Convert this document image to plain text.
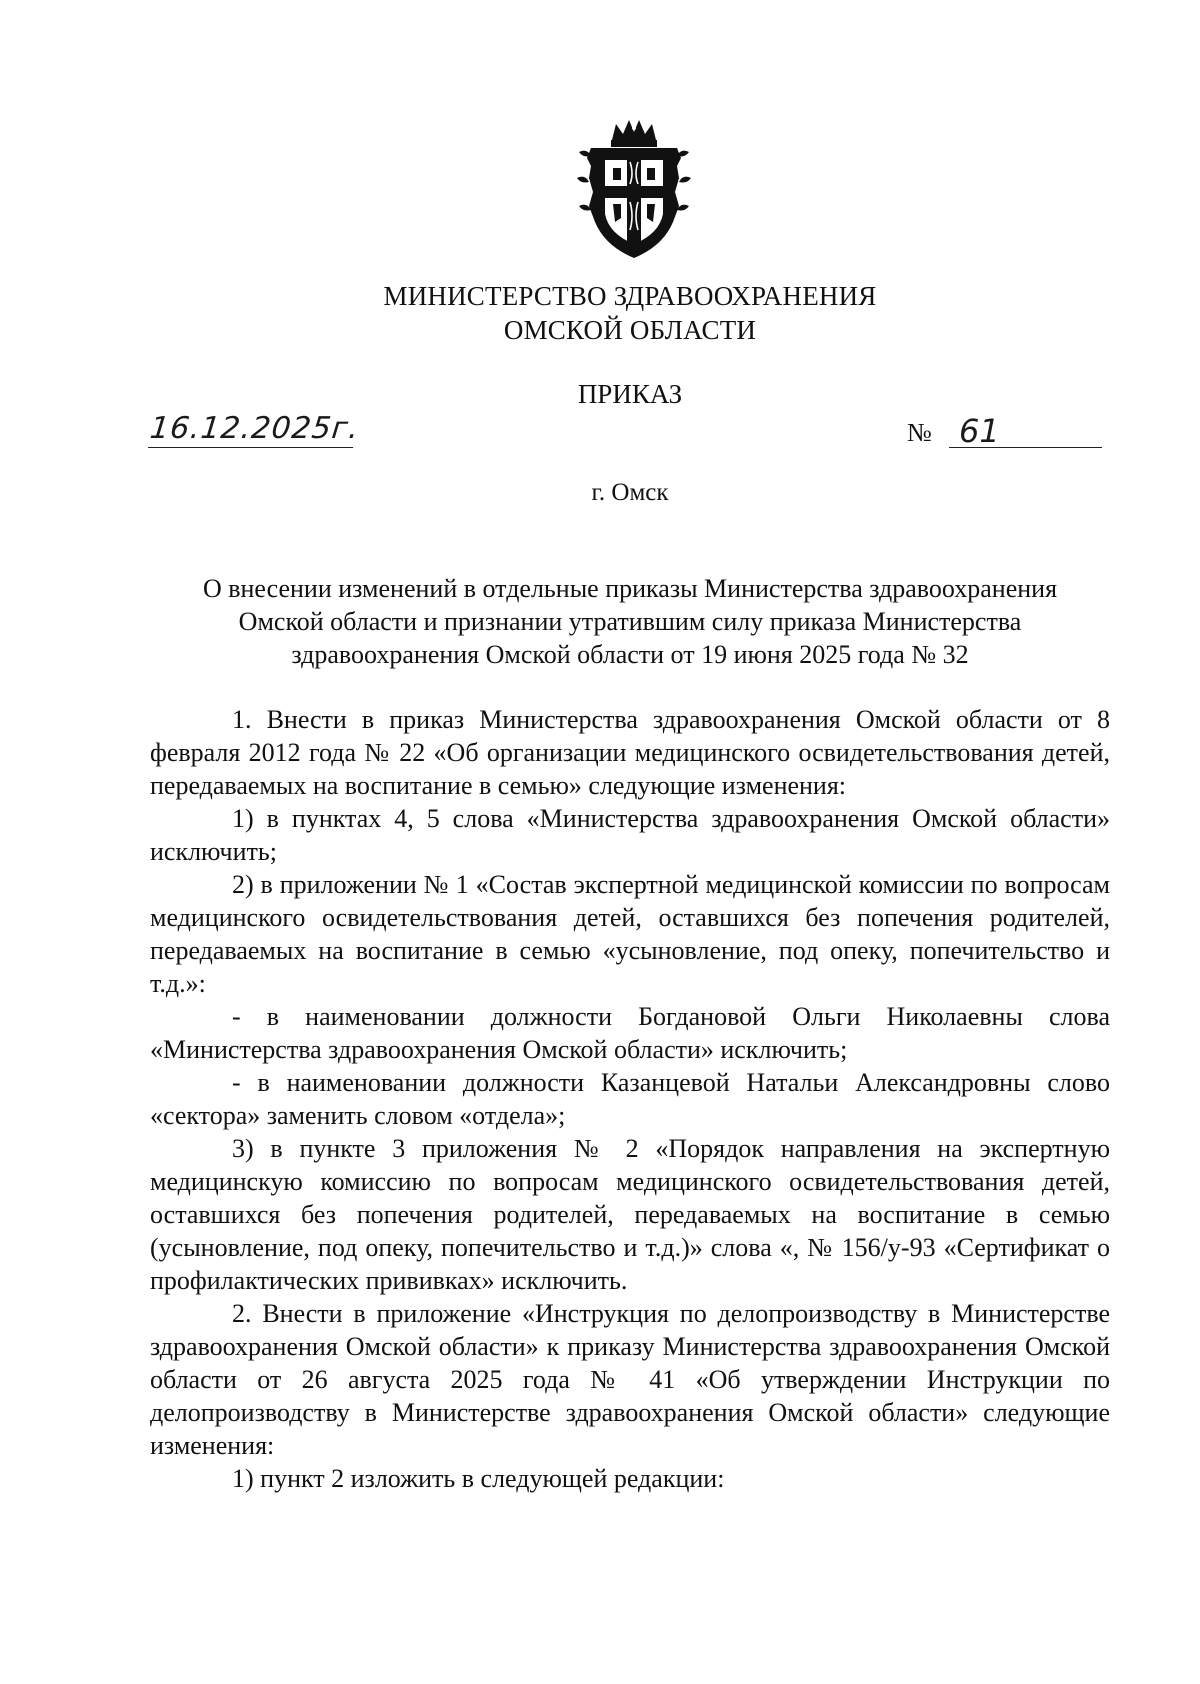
МИНИСТЕРСТВО ЗДРАВООХРАНЕНИЯ
ОМСКОЙ ОБЛАСТИ
ПРИКАЗ
16.12.2025г.	№ 61
г. Омск
О внесении изменений в отдельные приказы Министерства здравоохранения
Омской области и признании утратившим силу приказа Министерства
здравоохранения Омской области от 19 июня 2025 года № 32

1. Внести в приказ Министерства здравоохранения Омской области от 8 февраля 2012 года № 22 «Об организации медицинского освидетельствования детей, передаваемых на воспитание в семью» следующие изменения:

1) в пунктах 4, 5 слова «Министерства здравоохранения Омской области» исключить;

2) в приложении № 1 «Состав экспертной медицинской комиссии по вопросам медицинского освидетельствования детей, оставшихся без попечения родителей, передаваемых на воспитание в семью «усыновление, под опеку, попечительство и т.д.»:

- в наименовании должности Богдановой Ольги Николаевны слова «Министерства здравоохранения Омской области» исключить;

- в наименовании должности Казанцевой Натальи Александровны слово «сектора» заменить словом «отдела»;

3) в пункте 3 приложения № 2 «Порядок направления на экспертную медицинскую комиссию по вопросам медицинского освидетельствования детей, оставшихся без попечения родителей, передаваемых на воспитание в семью (усыновление, под опеку, попечительство и т.д.)» слова «, № 156/у-93 «Сертификат о профилактических прививках» исключить.

2. Внести в приложение «Инструкция по делопроизводству в Министерстве здравоохранения Омской области» к приказу Министерства здравоохранения Омской области от 26 августа 2025 года № 41 «Об утверждении Инструкции по делопроизводству в Министерстве здравоохранения Омской области» следующие изменения:

1) пункт 2 изложить в следующей редакции:
